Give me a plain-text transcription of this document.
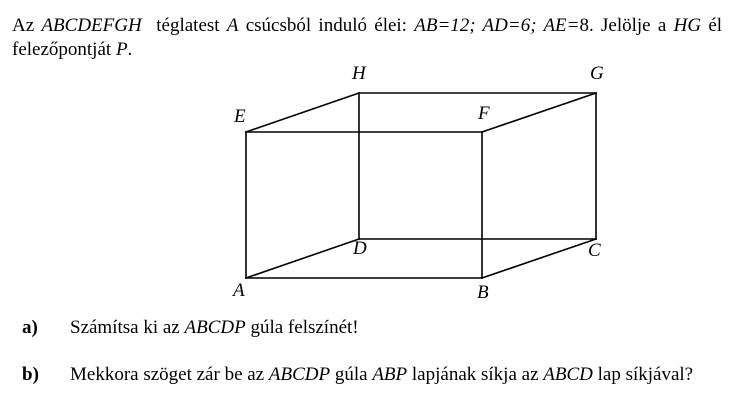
Az ABCDEFGH  téglatest A csúcsból induló élei: AB=12; AD=6; AE=8. Jelölje a HG él felezőpontját P.
A	B
C
D
E	F
G
H
a) Számítsa ki az ABCDP gúla felszínét!
b) Mekkora szöget zár be az ABCDP gúla ABP lapjának síkja az ABCD lap síkjával?
